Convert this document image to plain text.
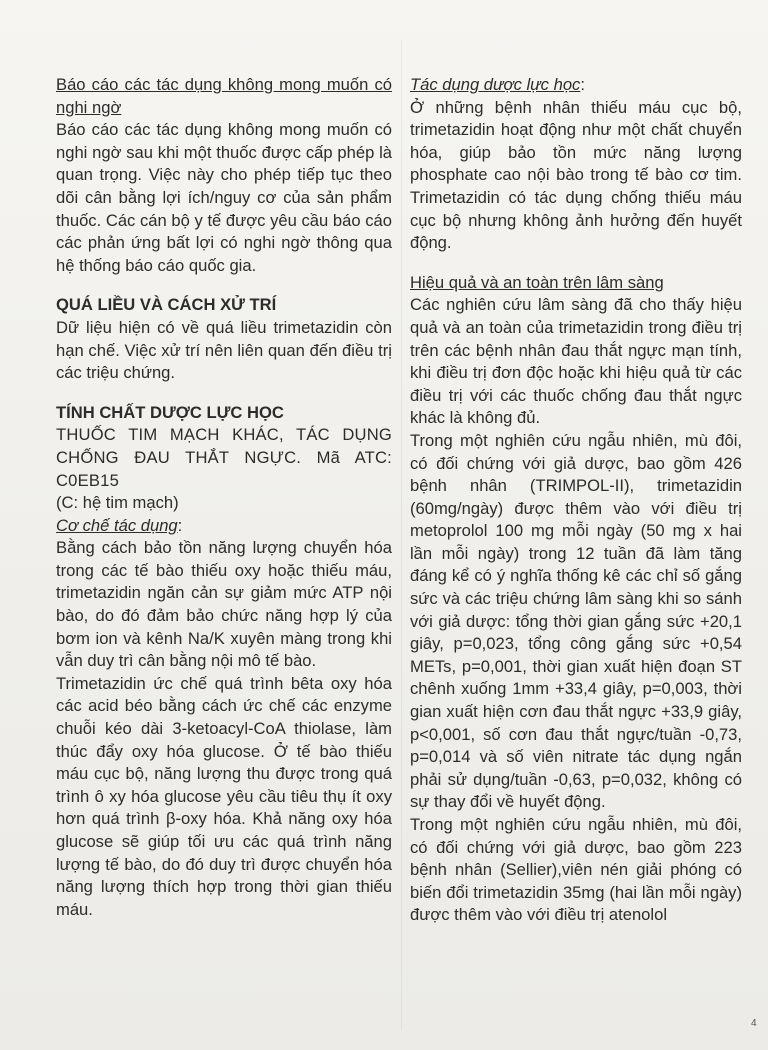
Báo cáo các tác dụng không mong muốn có nghi ngờ

Báo cáo các tác dụng không mong muốn có nghi ngờ sau khi một thuốc được cấp phép là quan trọng. Việc này cho phép tiếp tục theo dõi cân bằng lợi ích/nguy cơ của sản phẩm thuốc. Các cán bộ y tế được yêu cầu báo cáo các phản ứng bất lợi có nghi ngờ thông qua hệ thống báo cáo quốc gia.

QUÁ LIỀU VÀ CÁCH XỬ TRÍ

Dữ liệu hiện có về quá liều trimetazidin còn hạn chế. Việc xử trí nên liên quan đến điều trị các triệu chứng.

TÍNH CHẤT DƯỢC LỰC HỌC

THUỐC TIM MẠCH KHÁC, TÁC DỤNG CHỐNG ĐAU THẮT NGỰC. Mã ATC: C0EB15

(C: hệ tim mạch)

Cơ chế tác dụng:

Bằng cách bảo tồn năng lượng chuyển hóa trong các tế bào thiếu oxy hoặc thiếu máu, trimetazidin ngăn cản sự giảm mức ATP nội bào, do đó đảm bảo chức năng hợp lý của bơm ion và kênh Na/K xuyên màng trong khi vẫn duy trì cân bằng nội mô tế bào.

Trimetazidin ức chế quá trình bêta oxy hóa các acid béo bằng cách ức chế các enzyme chuỗi kéo dài 3-ketoacyl-CoA thiolase, làm thúc đẩy oxy hóa glucose. Ở tế bào thiếu máu cục bộ, năng lượng thu được trong quá trình ô xy hóa glucose yêu cầu tiêu thụ ít oxy hơn quá trình β-oxy hóa. Khả năng oxy hóa glucose sẽ giúp tối ưu các quá trình năng lượng tế bào, do đó duy trì được chuyển hóa năng lượng thích hợp trong thời gian thiếu máu.

Tác dụng dược lực học:

Ở những bệnh nhân thiếu máu cục bộ, trimetazidin hoạt động như một chất chuyển hóa, giúp bảo tồn mức năng lượng phosphate cao nội bào trong tế bào cơ tim. Trimetazidin có tác dụng chống thiếu máu cục bộ nhưng không ảnh hưởng đến huyết động.

Hiệu quả và an toàn trên lâm sàng

Các nghiên cứu lâm sàng đã cho thấy hiệu quả và an toàn của trimetazidin trong điều trị trên các bệnh nhân đau thắt ngực mạn tính, khi điều trị đơn độc hoặc khi hiệu quả từ các điều trị với các thuốc chống đau thắt ngực khác là không đủ.

Trong một nghiên cứu ngẫu nhiên, mù đôi, có đối chứng với giả dược, bao gồm 426 bệnh nhân (TRIMPOL-II), trimetazidin (60mg/ngày) được thêm vào với điều trị metoprolol 100 mg mỗi ngày (50 mg x hai lần mỗi ngày) trong 12 tuần đã làm tăng đáng kể có ý nghĩa thống kê các chỉ số gắng sức và các triệu chứng lâm sàng khi so sánh với giả dược: tổng thời gian gắng sức +20,1 giây, p=0,023, tổng công gắng sức +0,54 METs, p=0,001, thời gian xuất hiện đoạn ST chênh xuống 1mm +33,4 giây, p=0,003, thời gian xuất hiện cơn đau thắt ngực +33,9 giây, p<0,001, số cơn đau thắt ngực/tuần -0,73, p=0,014 và số viên nitrate tác dụng ngắn phải sử dụng/tuần -0,63, p=0,032, không có sự thay đổi về huyết động.

Trong một nghiên cứu ngẫu nhiên, mù đôi, có đối chứng với giả dược, bao gồm 223 bệnh nhân (Sellier),viên nén giải phóng có biến đổi trimetazidin 35mg (hai lần mỗi ngày) được thêm vào với điều trị atenolol

4
